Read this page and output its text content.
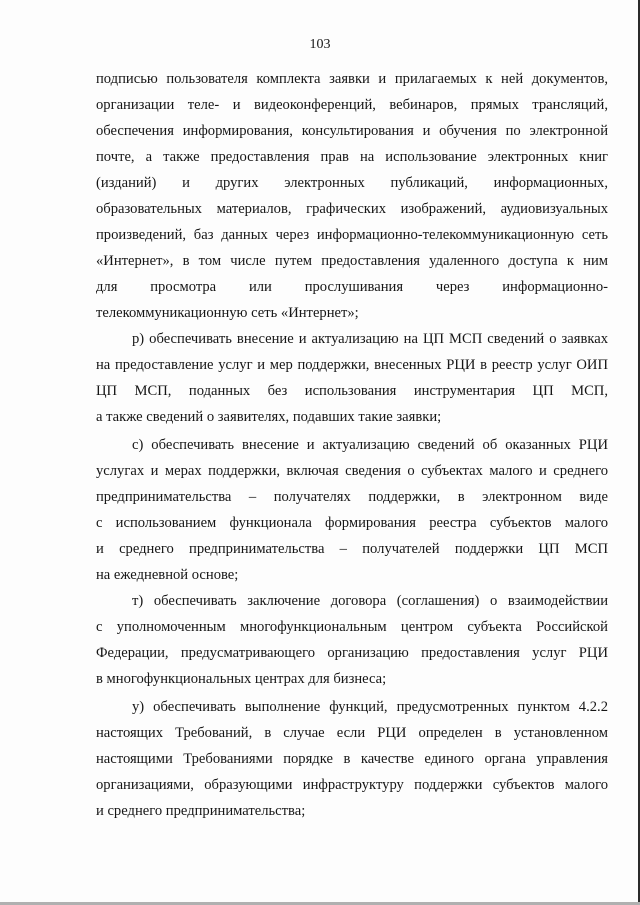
103
подписью пользователя комплекта заявки и прилагаемых к ней документов,
организации теле- и видеоконференций, вебинаров, прямых трансляций,
обеспечения информирования, консультирования и обучения по электронной
почте, а также предоставления прав на использование электронных книг
(изданий) и других электронных публикаций, информационных,
образовательных материалов, графических изображений, аудиовизуальных
произведений, баз данных через информационно-телекоммуникационную сеть
«Интернет», в том числе путем предоставления удаленного доступа к ним
для просмотра или прослушивания через информационно-
телекоммуникационную сеть «Интернет»;
р) обеспечивать внесение и актуализацию на ЦП МСП сведений о заявках
на предоставление услуг и мер поддержки, внесенных РЦИ в реестр услуг ОИП
ЦП МСП, поданных без использования инструментария ЦП МСП,
а также сведений о заявителях, подавших такие заявки;
с) обеспечивать внесение и актуализацию сведений об оказанных РЦИ
услугах и мерах поддержки, включая сведения о субъектах малого и среднего
предпринимательства – получателях поддержки, в электронном виде
с использованием функционала формирования реестра субъектов малого
и среднего предпринимательства – получателей поддержки ЦП МСП
на ежедневной основе;
т) обеспечивать заключение договора (соглашения) о взаимодействии
с уполномоченным многофункциональным центром субъекта Российской
Федерации, предусматривающего организацию предоставления услуг РЦИ
в многофункциональных центрах для бизнеса;
у) обеспечивать выполнение функций, предусмотренных пунктом 4.2.2
настоящих Требований, в случае если РЦИ определен в установленном
настоящими Требованиями порядке в качестве единого органа управления
организациями, образующими инфраструктуру поддержки субъектов малого
и среднего предпринимательства;
